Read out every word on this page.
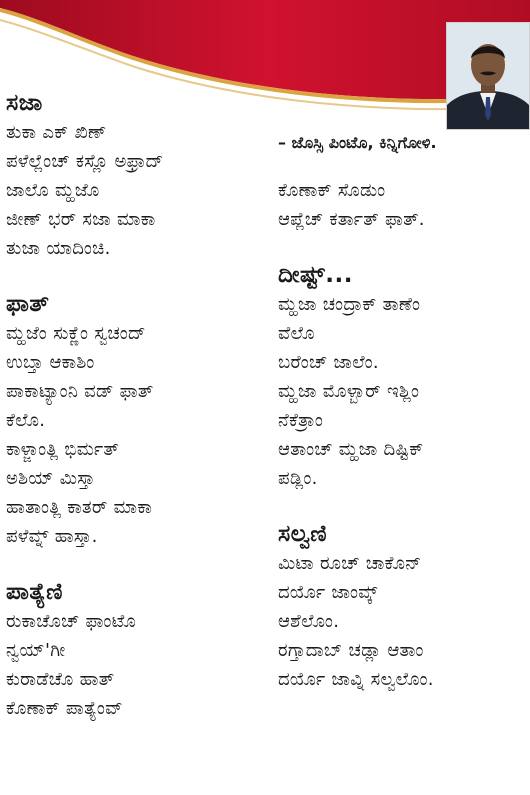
ಸಜಾ

ತುಕಾ ಎಕ್ ಖಿಣ್

ಪಳೆಲ್ಲೆಂಚ್ ಕಸ್ಲೊ ಅಫ್ರಾದ್

ಜಾಲೊ ಮ್ಹಜೊ

ಜೀಣ್ ಭರ್ ಸಜಾ ಮಾಕಾ

ತುಜಾ ಯಾದಿಂಚಿ.

ಫಾತ್

ಮ್ಹಜೆಂ ಸುಕ್ಣೆಂ ಸ್ವಚಂದ್

ಉಬ್ತಾ ಆಕಾಶಿಂ

ಪಾಕಾಟ್ಯಾಂನಿ ವಡ್ ಫಾತ್

ಕೆಲೊ.

ಕಾಳ್ಜಾಂತ್ಲಿ ಭಿರ್ಮತ್

ಅಶಿಯ್ ಮಿಸ್ತಾ

ಹಾತಾಂತ್ಲಿ ಕಾತರ್ ಮಾಕಾ

ಪಳೆವ್ನ್ ಹಾಸ್ತಾ.

ಪಾತ್ಯೆಣಿ

ರುಕಾಚೊಚ್ ಫಾಂಟೊ

ನ್ವಯ್'ಗೀ

ಕುರಾಡೆಚೊ ಹಾತ್

ಕೊಣಾಕ್ ಪಾತ್ಯೆಂವ್

– ಜೊಸ್ಸಿ ಪಿಂಟೊ, ಕಿನ್ನಿಗೋಳಿ.

ಕೊಣಾಕ್ ಸೊಡುಂ

ಆಪ್ಲೆಚ್ ಕರ್ತಾತ್ ಫಾತ್.

ದೀಷ್ಟ್...

ಮ್ಹಜಾ ಚಂದ್ರಾಕ್ ತಾಣೆಂ

ವೆಲೊ

ಬರೆಂಚ್ ಜಾಲೆಂ.

ಮ್ಹಜಾ ಮೊಳ್ಬಾರ್ ಇಶ್ಲಿಂ

ನೆಕೆತ್ರಾಂ

ಆತಾಂಚ್ ಮ್ಹಜಾ ದಿಷ್ಟಿಕ್

ಪಡ್ಲಿಂ.

ಸಲ್ವಣಿ

ಮಿಟಾ ರೂಚ್ ಚಾಕೊನ್

ದರ್ಯೊ ಜಾಂವ್ಕ್

ಆಶೆಲೊಂ.

ರಗ್ತಾದಾಬ್ ಚಡ್ಲಾ ಆತಾಂ

ದರ್ಯೊ ಜಾವ್ನಿ ಸಲ್ವಲೊಂ.
